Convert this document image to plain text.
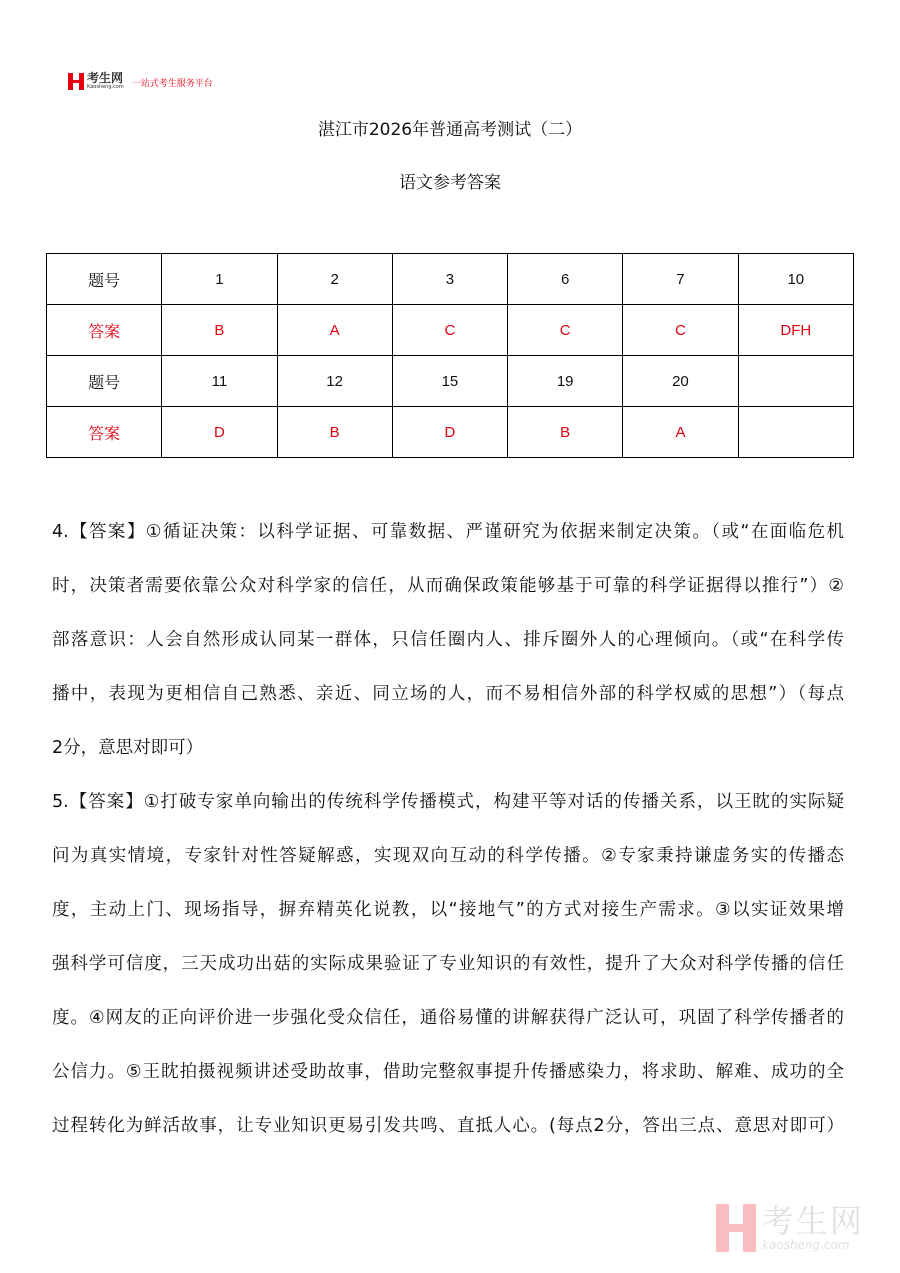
考生网
Kaosheng.com 一站式考生服务平台
湛江市2026年普通高考测试（二）
语文参考答案
题号	1	2	3	6	7	10
答案	B	A	C	C	C	DFH
题号	11	12	15	19	20	
答案	D	B	D	B	A	
4.【答案】①循证决策：以科学证据、可靠数据、严谨研究为依据来制定决策。（或“在面临危机
时，决策者需要依靠公众对科学家的信任，从而确保政策能够基于可靠的科学证据得以推行”）②
部落意识：人会自然形成认同某一群体，只信任圈内人、排斥圈外人的心理倾向。（或“在科学传
播中，表现为更相信自己熟悉、亲近、同立场的人，而不易相信外部的科学权威的思想”）（每点
2分，意思对即可）
5.【答案】①打破专家单向输出的传统科学传播模式，构建平等对话的传播关系，以王眈的实际疑
问为真实情境，专家针对性答疑解惑，实现双向互动的科学传播。②专家秉持谦虚务实的传播态
度，主动上门、现场指导，摒弃精英化说教，以“接地气”的方式对接生产需求。③以实证效果增
强科学可信度，三天成功出菇的实际成果验证了专业知识的有效性，提升了大众对科学传播的信任
度。④网友的正向评价进一步强化受众信任，通俗易懂的讲解获得广泛认可，巩固了科学传播者的
公信力。⑤王眈拍摄视频讲述受助故事，借助完整叙事提升传播感染力，将求助、解难、成功的全
过程转化为鲜活故事，让专业知识更易引发共鸣、直抵人心。(每点2分，答出三点、意思对即可）
考生网
kaosheng.com
